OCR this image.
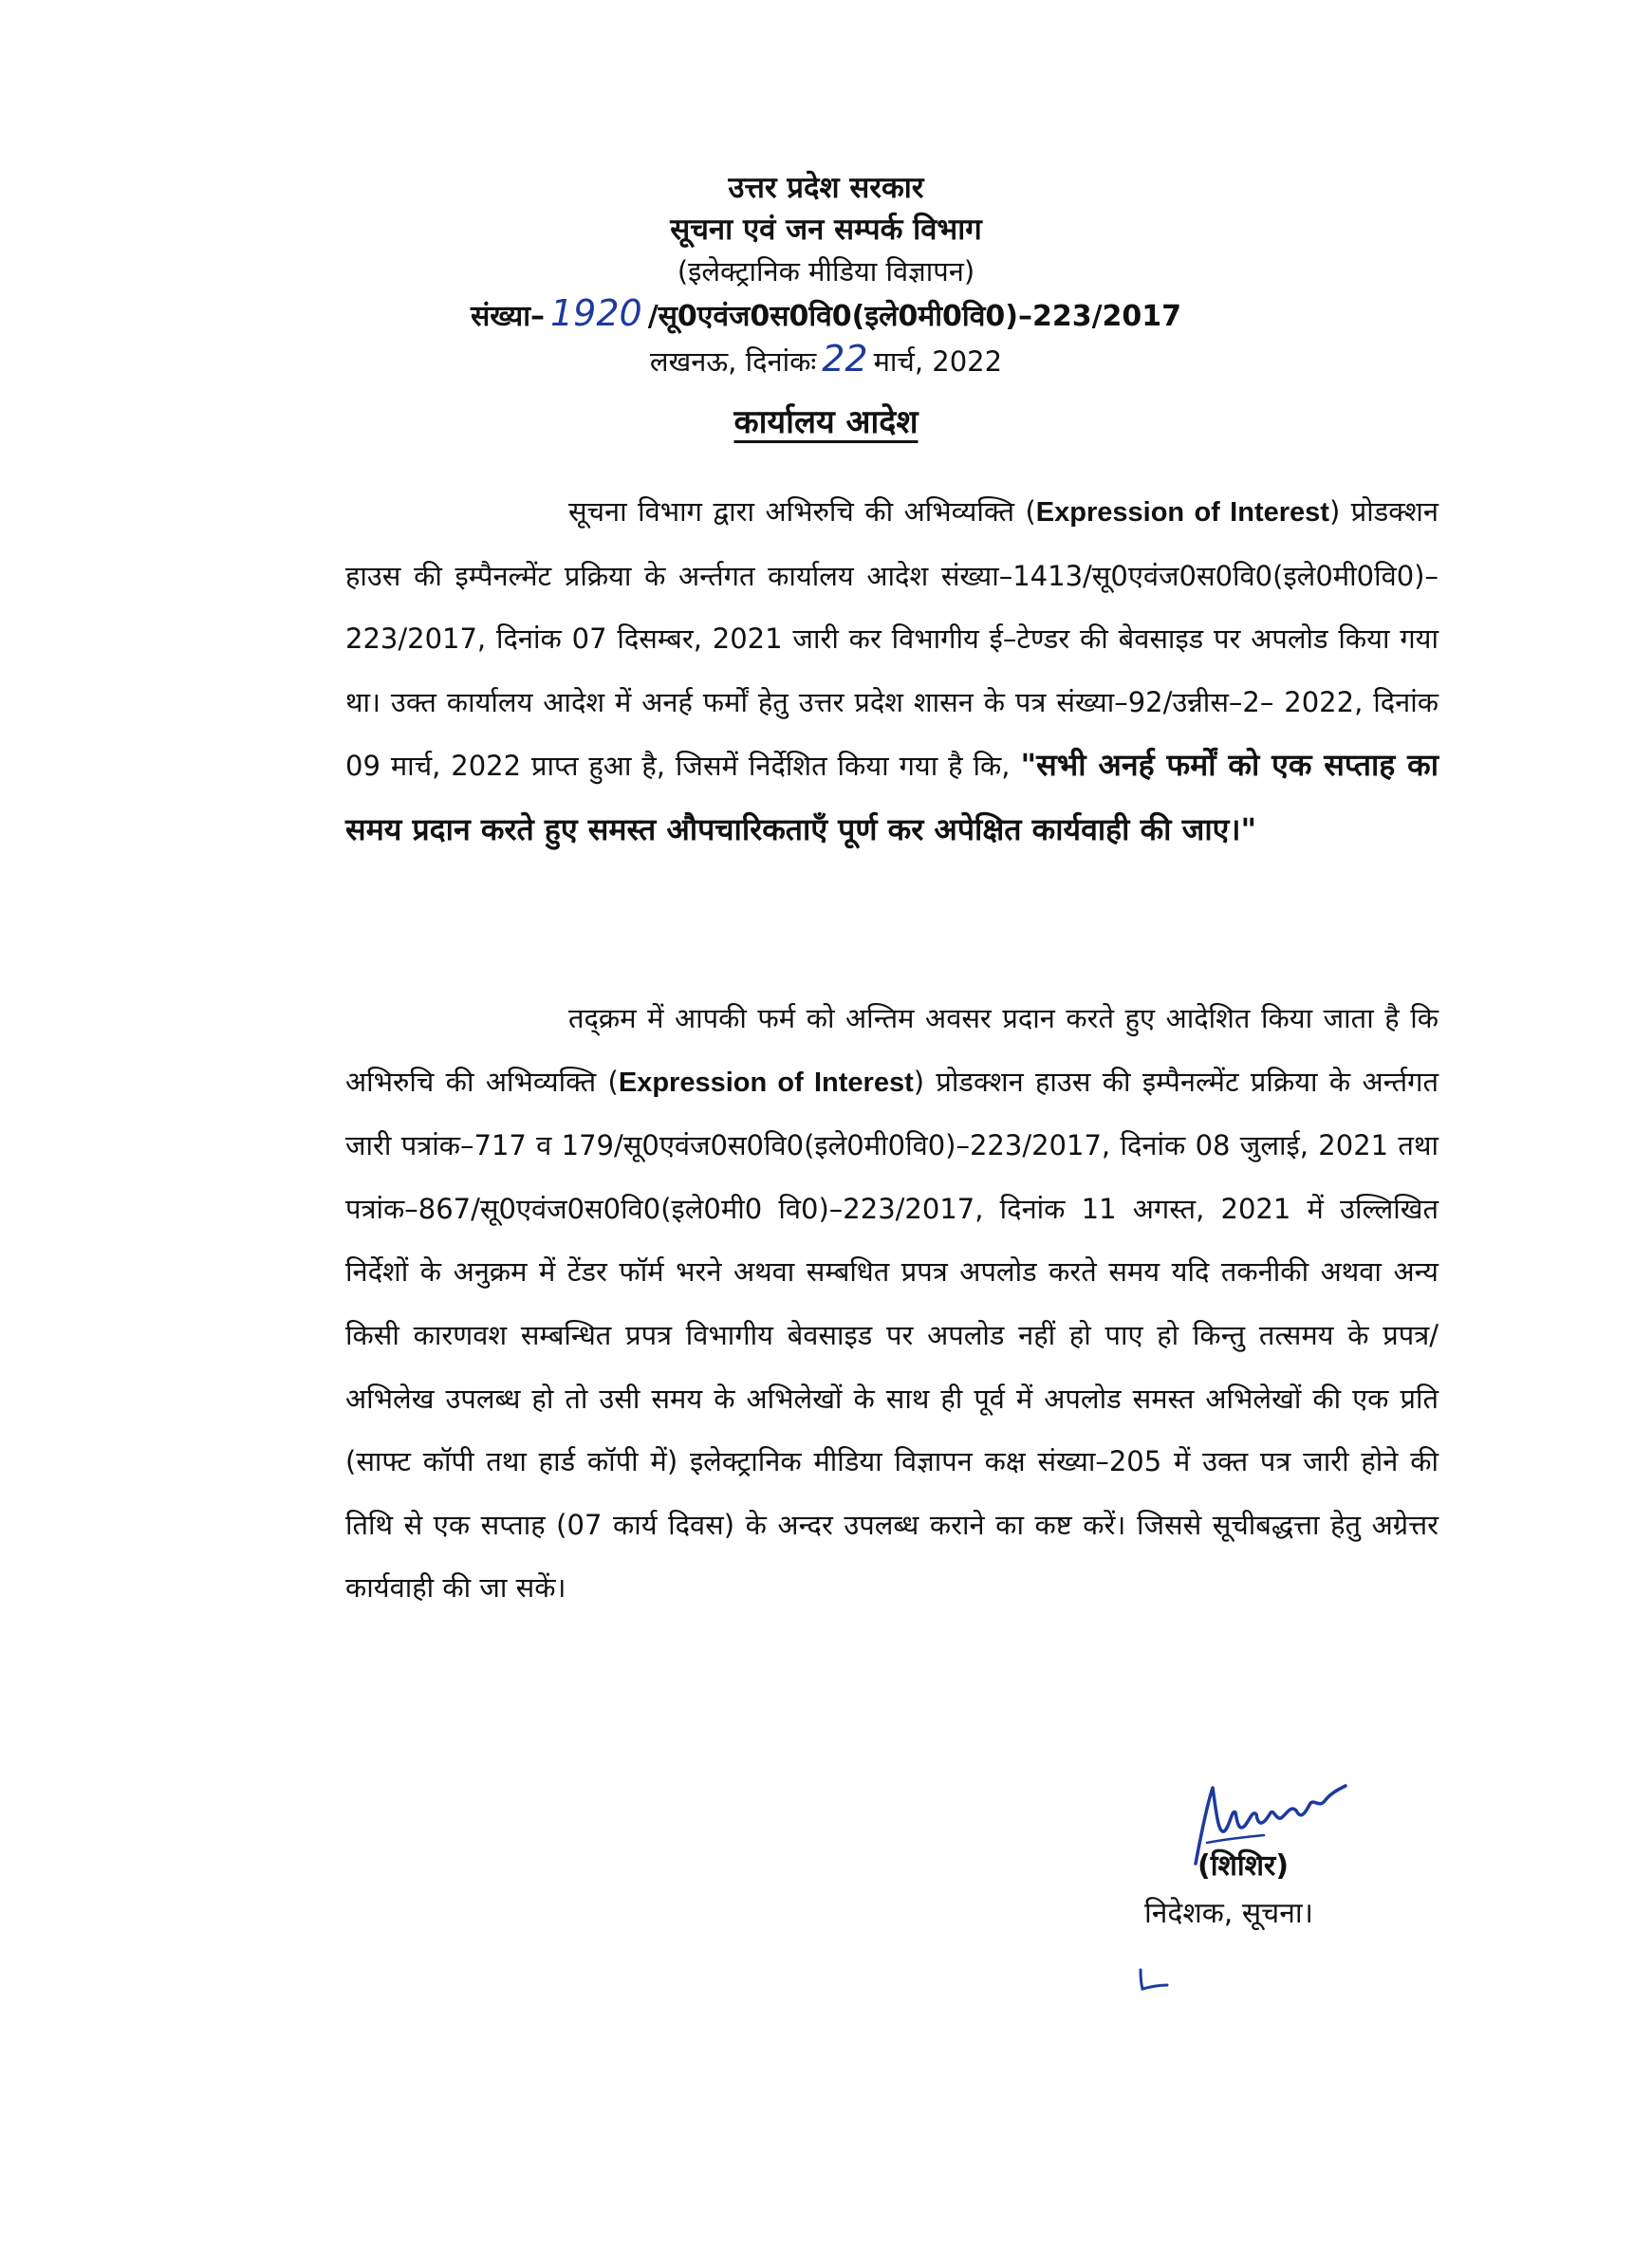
उत्तर प्रदेश सरकार
सूचना एवं जन सम्पर्क विभाग
(इलेक्ट्रानिक मीडिया विज्ञापन)
संख्या– 1920 /सू0एवंज0स0वि0(इले0मी0वि0)–223/2017
लखनऊ, दिनांकः 22 मार्च, 2022
कार्यालय आदेश

सूचना विभाग द्वारा अभिरुचि की अभिव्यक्ति (Expression of Interest) प्रोडक्शन हाउस की इम्पैनल्मेंट प्रक्रिया के अर्न्तगत कार्यालय आदेश संख्या–1413/सू0एवंज0स0वि0(इले0मी0वि0)–223/2017, दिनांक 07 दिसम्बर, 2021 जारी कर विभागीय ई–टेण्डर की बेवसाइड पर अपलोड किया गया था। उक्त कार्यालय आदेश में अनर्ह फर्मों हेतु उत्तर प्रदेश शासन के पत्र संख्या–92/उन्नीस–2– 2022, दिनांक 09 मार्च, 2022 प्राप्त हुआ है, जिसमें निर्देशित किया गया है कि, "सभी अनर्ह फर्मों को एक सप्ताह का समय प्रदान करते हुए समस्त औपचारिकताएँ पूर्ण कर अपेक्षित कार्यवाही की जाए।"

तद्क्रम में आपकी फर्म को अन्तिम अवसर प्रदान करते हुए आदेशित किया जाता है कि अभिरुचि की अभिव्यक्ति (Expression of Interest) प्रोडक्शन हाउस की इम्पैनल्मेंट प्रक्रिया के अर्न्तगत जारी पत्रांक–717 व 179/सू0एवंज0स0वि0(इले0मी0वि0)–223/2017, दिनांक 08 जुलाई, 2021 तथा पत्रांक–867/सू0एवंज0स0वि0(इले0मी0 वि0)–223/2017, दिनांक 11 अगस्त, 2021 में उल्लिखित निर्देशों के अनुक्रम में टेंडर फॉर्म भरने अथवा सम्बधित प्रपत्र अपलोड करते समय यदि तकनीकी अथवा अन्य किसी कारणवश सम्बन्धित प्रपत्र विभागीय बेवसाइड पर अपलोड नहीं हो पाए हो किन्तु तत्समय के प्रपत्र/अभिलेख उपलब्ध हो तो उसी समय के अभिलेखों के साथ ही पूर्व में अपलोड समस्त अभिलेखों की एक प्रति (साफ्ट कॉपी तथा हार्ड कॉपी में) इलेक्ट्रानिक मीडिया विज्ञापन कक्ष संख्या–205 में उक्त पत्र जारी होने की तिथि से एक सप्ताह (07 कार्य दिवस) के अन्दर उपलब्ध कराने का कष्ट करें। जिससे सूचीबद्धत्ता हेतु अग्रेत्तर कार्यवाही की जा सकें।

(शिशिर)
निदेशक, सूचना।
